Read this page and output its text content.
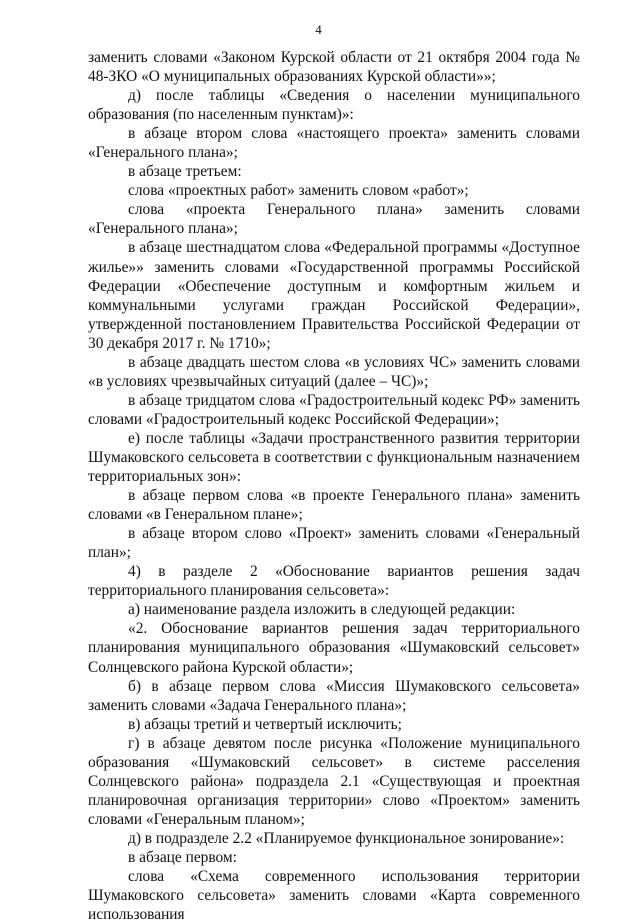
4

заменить словами «Законом Курской области от 21 октября 2004 года № 48-ЗКО «О муниципальных образованиях Курской области»»;

д) после таблицы «Сведения о населении муниципального образования (по населенным пунктам)»:

в абзаце втором слова «настоящего проекта» заменить словами «Генерального плана»;

в абзаце третьем:

слова «проектных работ» заменить словом «работ»;

слова «проекта Генерального плана» заменить словами «Генерального плана»;

в абзаце шестнадцатом слова «Федеральной программы «Доступное жилье»» заменить словами «Государственной программы Российской Федерации «Обеспечение доступным и комфортным жильем и коммунальными услугами граждан Российской Федерации», утвержденной постановлением Правительства Российской Федерации от 30 декабря 2017 г. № 1710»;

в абзаце двадцать шестом слова «в условиях ЧС» заменить словами «в условиях чрезвычайных ситуаций (далее – ЧС)»;

в абзаце тридцатом слова «Градостроительный кодекс РФ» заменить словами «Градостроительный кодекс Российской Федерации»;

е) после таблицы «Задачи пространственного развития территории Шумаковского сельсовета в соответствии с функциональным назначением территориальных зон»:

в абзаце первом слова «в проекте Генерального плана» заменить словами «в Генеральном плане»;

в абзаце втором слово «Проект» заменить словами «Генеральный план»;

4) в разделе 2 «Обоснование вариантов решения задач территориального планирования сельсовета»:

а) наименование раздела изложить в следующей редакции:

«2. Обоснование вариантов решения задач территориального планирования муниципального образования «Шумаковский сельсовет» Солнцевского района Курской области»;

б) в абзаце первом слова «Миссия Шумаковского сельсовета» заменить словами «Задача Генерального плана»;

в) абзацы третий и четвертый исключить;

г) в абзаце девятом после рисунка «Положение муниципального образования «Шумаковский сельсовет» в системе расселения Солнцевского района» подраздела 2.1 «Существующая и проектная планировочная организация территории» слово «Проектом» заменить словами «Генеральным планом»;

д) в подразделе 2.2 «Планируемое функциональное зонирование»:

в абзаце первом:

слова «Схема современного использования территории Шумаковского сельсовета» заменить словами «Карта современного использования
